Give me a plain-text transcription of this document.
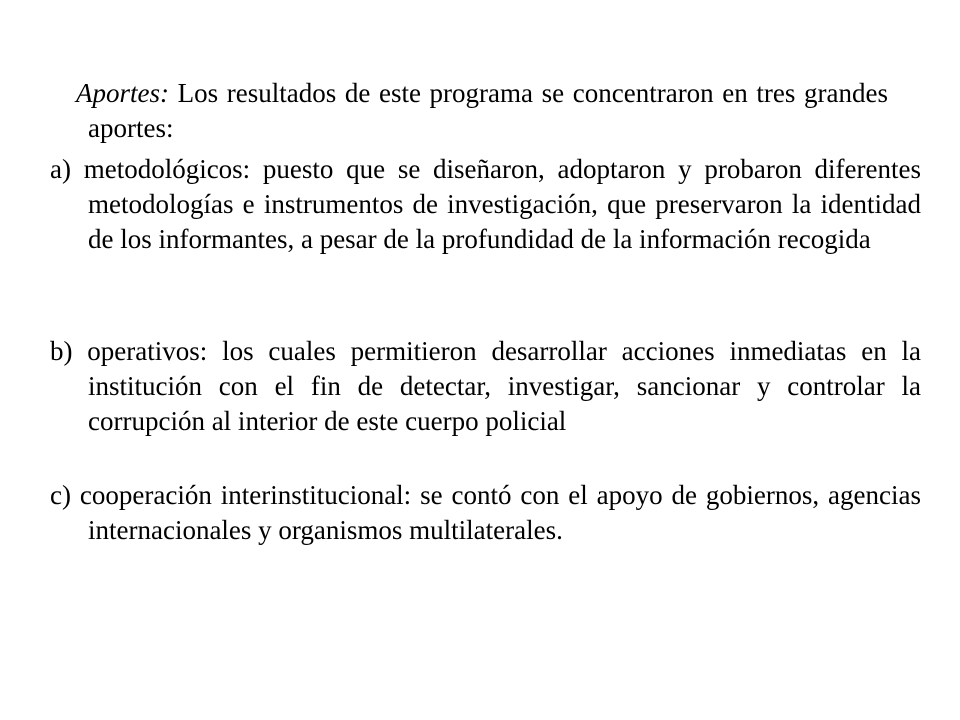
Aportes: Los resultados de este programa se concentraron en tres grandes aportes:

a) metodológicos: puesto que se diseñaron, adoptaron y probaron diferentes metodologías e instrumentos de investigación, que preservaron la identidad de los informantes, a pesar de la profundidad de la información recogida

b) operativos: los cuales permitieron desarrollar acciones inmediatas en la institución con el fin de detectar, investigar, sancionar y controlar la corrupción al interior de este cuerpo policial

c) cooperación interinstitucional: se contó con el apoyo de gobiernos, agencias internacionales y organismos multilaterales.
